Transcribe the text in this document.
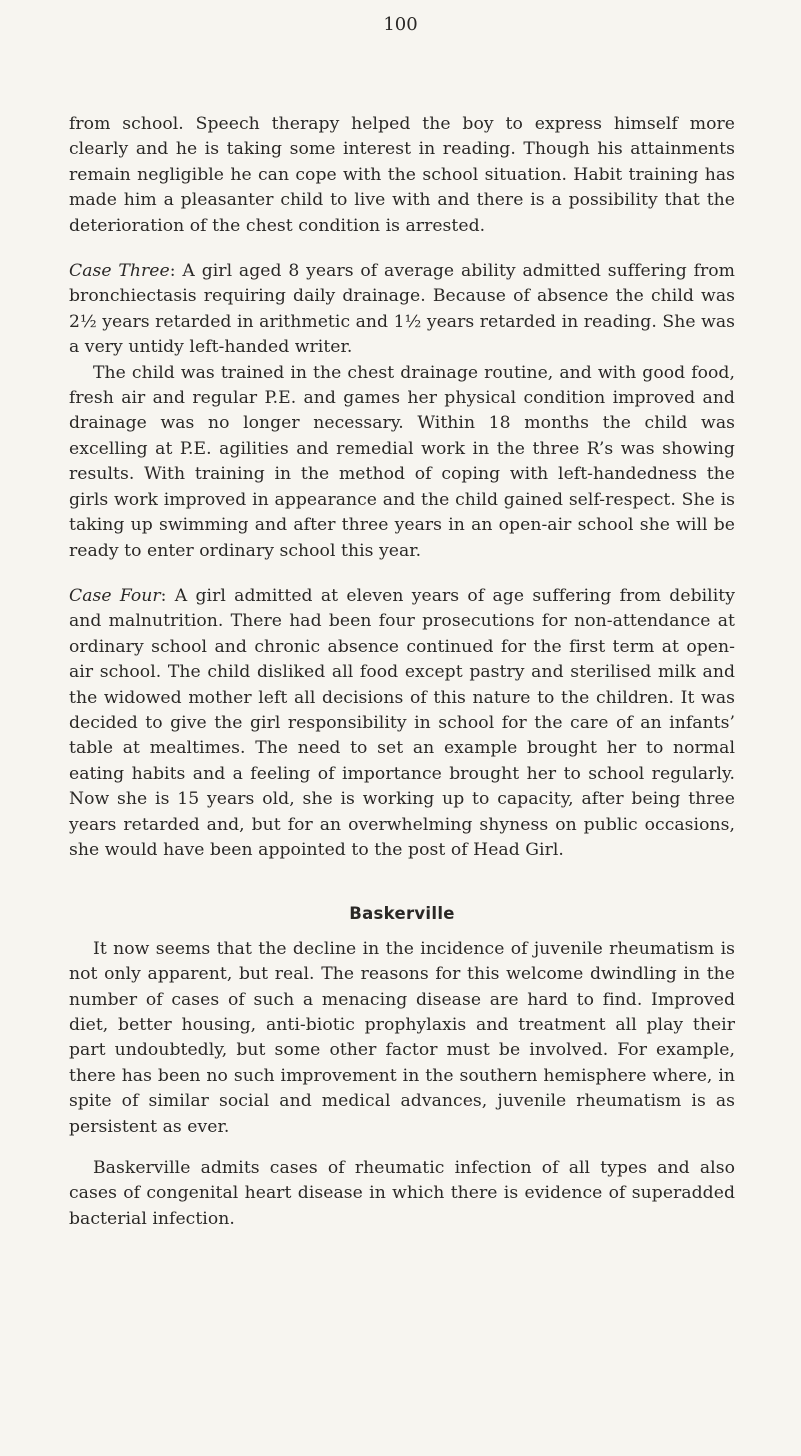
100

from school. Speech therapy helped the boy to express himself more clearly and he is taking some interest in reading. Though his attainments remain negligible he can cope with the school situation. Habit training has made him a pleasanter child to live with and there is a possibility that the deterioration of the chest condition is arrested.

Case Three: A girl aged 8 years of average ability admitted suffering from bronchiectasis requiring daily drainage. Because of absence the child was 2½ years retarded in arithmetic and 1½ years retarded in reading. She was a very untidy left-handed writer.

The child was trained in the chest drainage routine, and with good food, fresh air and regular P.E. and games her physical condition improved and drainage was no longer necessary. Within 18 months the child was excelling at P.E. agilities and remedial work in the three R’s was showing results. With training in the method of coping with left-handedness the girls work improved in appearance and the child gained self-respect. She is taking up swimming and after three years in an open-air school she will be ready to enter ordinary school this year.

Case Four: A girl admitted at eleven years of age suffering from debility and malnutrition. There had been four prosecutions for non-attendance at ordinary school and chronic absence continued for the first term at open-air school. The child disliked all food except pastry and sterilised milk and the widowed mother left all decisions of this nature to the children. It was decided to give the girl responsibility in school for the care of an infants’ table at mealtimes. The need to set an example brought her to normal eating habits and a feeling of importance brought her to school regularly. Now she is 15 years old, she is working up to capacity, after being three years retarded and, but for an overwhelming shyness on public occasions, she would have been appointed to the post of Head Girl.

Baskerville

It now seems that the decline in the incidence of juvenile rheumatism is not only apparent, but real. The reasons for this welcome dwindling in the number of cases of such a menacing disease are hard to find. Improved diet, better housing, anti-biotic prophylaxis and treatment all play their part undoubtedly, but some other factor must be involved. For example, there has been no such improvement in the southern hemisphere where, in spite of similar social and medical advances, juvenile rheumatism is as persistent as ever.

Baskerville admits cases of rheumatic infection of all types and also cases of congenital heart disease in which there is evidence of superadded bacterial infection.
